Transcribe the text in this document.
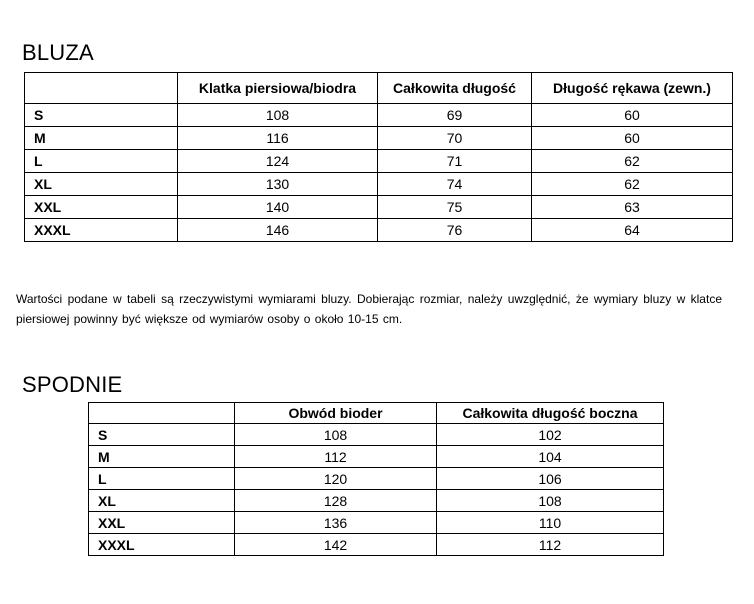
BLUZA
	Klatka piersiowa/biodra	Całkowita długość	Długość rękawa (zewn.)
S	108	69	60
M	116	70	60
L	124	71	62
XL	130	74	62
XXL	140	75	63
XXXL	146	76	64

Wartości podane w tabeli są rzeczywistymi wymiarami bluzy. Dobierając rozmiar, należy uwzględnić, że wymiary bluzy w klatce piersiowej powinny być większe od wymiarów osoby o około 10-15 cm.

SPODNIE
	Obwód bioder	Całkowita długość boczna
S	108	102
M	112	104
L	120	106
XL	128	108
XXL	136	110
XXXL	142	112
